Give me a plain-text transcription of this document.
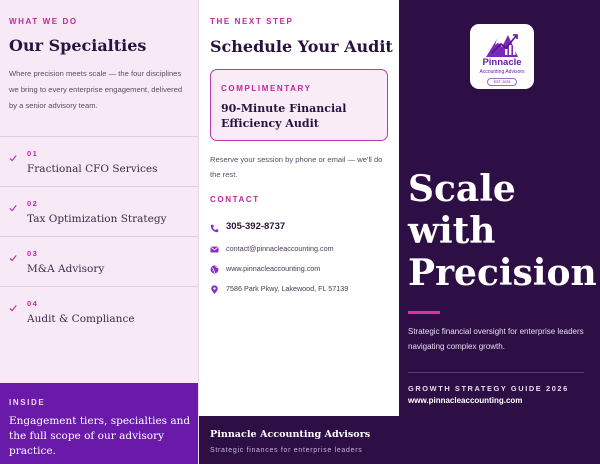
WHAT WE DO
Our Specialties

Where precision meets scale — the four disciplines we bring to every enterprise engagement, delivered by a senior advisory team.

01
Fractional CFO Services
02
Tax Optimization Strategy
03
M&A Advisory
04
Audit & Compliance
INSIDE

Engagement tiers, specialties and the full scope of our advisory practice.

THE NEXT STEP
Schedule Your Audit
COMPLIMENTARY
90-Minute Financial Efficiency Audit

Reserve your session by phone or email — we'll do the rest.

CONTACT
305-392-8737
contact@pinnacleaccounting.com
www.pinnacleaccounting.com
7586 Park Pkwy, Lakewood, FL 57139
Pinnacle Accounting Advisors
Strategic finances for enterprise leaders
Pinnacle
Accounting Advisors
EST. 2025
Scale
with
Precision

Strategic financial oversight for enterprise leaders navigating complex growth.

GROWTH STRATEGY GUIDE 2026
www.pinnacleaccounting.com
